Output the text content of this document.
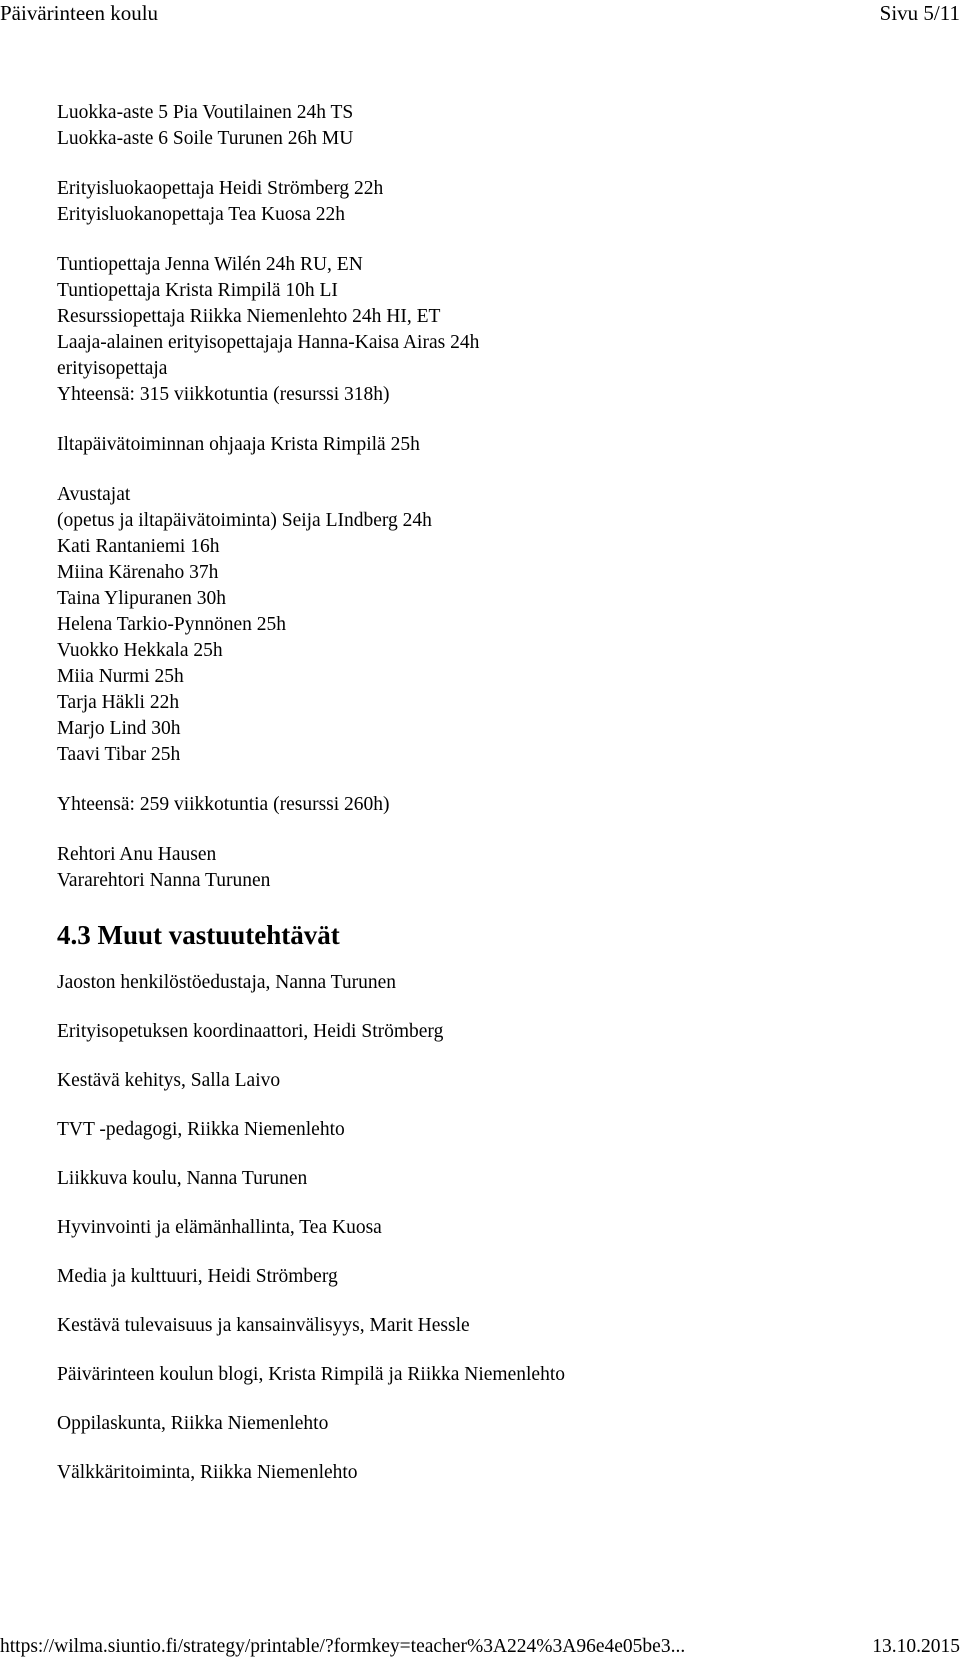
Päivärinteen koulu	Sivu 5/11
Luokka-aste 5 Pia Voutilainen 24h TS
Luokka-aste 6 Soile Turunen 26h MU
Erityisluokaopettaja Heidi Strömberg 22h
Erityisluokanopettaja Tea Kuosa 22h
Tuntiopettaja Jenna Wilén 24h RU, EN
Tuntiopettaja Krista Rimpilä 10h LI
Resurssiopettaja Riikka Niemenlehto 24h HI, ET
Laaja-alainen erityisopettajaja Hanna-Kaisa Airas 24h
erityisopettaja
Yhteensä: 315 viikkotuntia (resurssi 318h)
Iltapäivätoiminnan ohjaaja Krista Rimpilä 25h
Avustajat
(opetus ja iltapäivätoiminta) Seija LIndberg 24h
Kati Rantaniemi 16h
Miina Kärenaho 37h
Taina Ylipuranen 30h
Helena Tarkio-Pynnönen 25h
Vuokko Hekkala 25h
Miia Nurmi 25h
Tarja Häkli 22h
Marjo Lind 30h
Taavi Tibar 25h
Yhteensä: 259 viikkotuntia (resurssi 260h)
Rehtori Anu Hausen
Vararehtori Nanna Turunen
4.3 Muut vastuutehtävät
Jaoston henkilöstöedustaja, Nanna Turunen
Erityisopetuksen koordinaattori, Heidi Strömberg
Kestävä kehitys, Salla Laivo
TVT -pedagogi, Riikka Niemenlehto
Liikkuva koulu, Nanna Turunen
Hyvinvointi ja elämänhallinta, Tea Kuosa
Media ja kulttuuri, Heidi Strömberg
Kestävä tulevaisuus ja kansainvälisyys, Marit Hessle
Päivärinteen koulun blogi, Krista Rimpilä ja Riikka Niemenlehto
Oppilaskunta, Riikka Niemenlehto
Välkkäritoiminta, Riikka Niemenlehto
https://wilma.siuntio.fi/strategy/printable/?formkey=teacher%3A224%3A96e4e05be3...	13.10.2015
